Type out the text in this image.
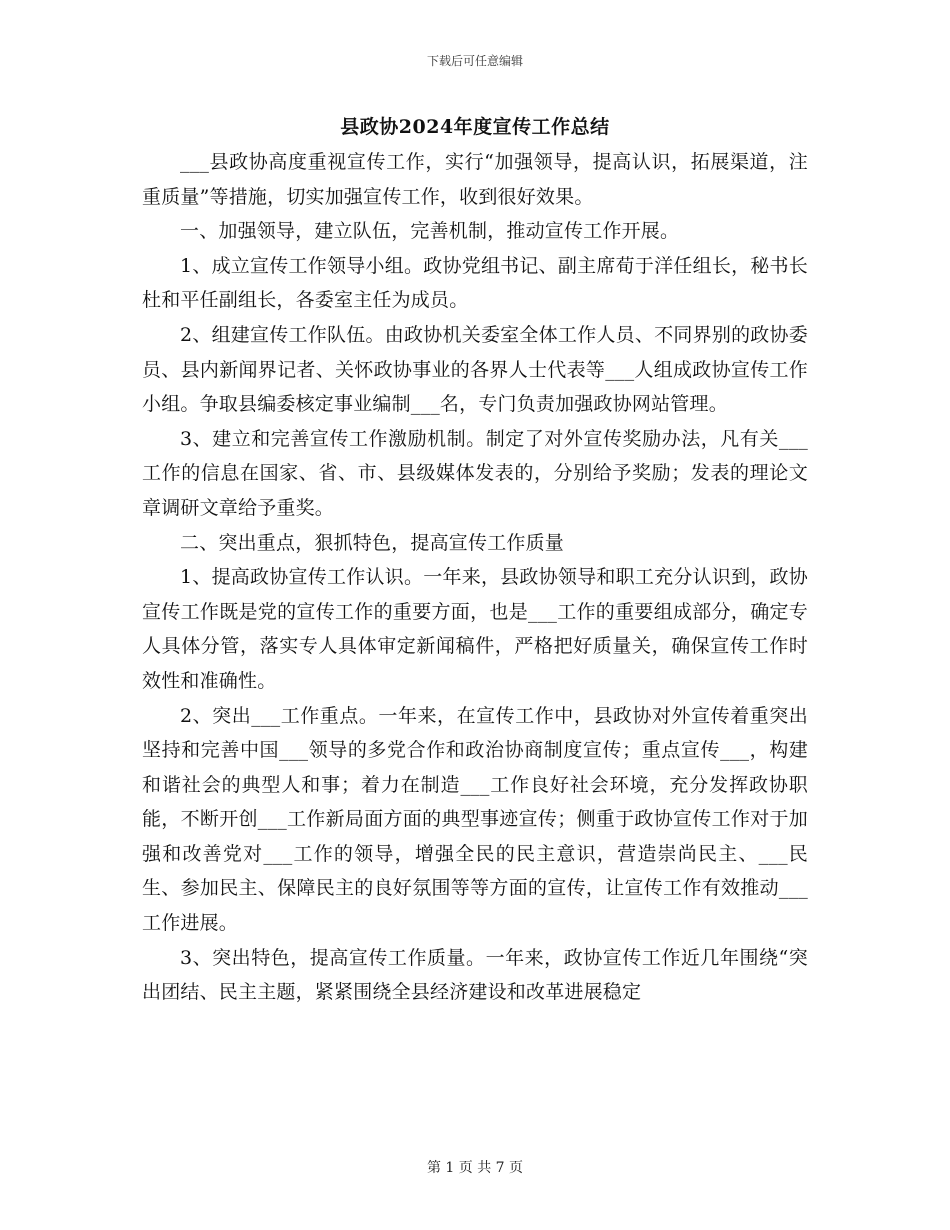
下载后可任意编辑
县政协2024年度宣传工作总结

___县政协高度重视宣传工作，实行“加强领导，提高认识，拓展渠道，注重质量”等措施，切实加强宣传工作，收到很好效果。

一、加强领导，建立队伍，完善机制，推动宣传工作开展。

1、成立宣传工作领导小组。政协党组书记、副主席荀于洋任组长，秘书长杜和平任副组长，各委室主任为成员。

2、组建宣传工作队伍。由政协机关委室全体工作人员、不同界别的政协委员、县内新闻界记者、关怀政协事业的各界人士代表等___人组成政协宣传工作小组。争取县编委核定事业编制___名，专门负责加强政协网站管理。

3、建立和完善宣传工作激励机制。制定了对外宣传奖励办法，凡有关___工作的信息在国家、省、市、县级媒体发表的，分别给予奖励；发表的理论文章调研文章给予重奖。

二、突出重点，狠抓特色，提高宣传工作质量

1、提高政协宣传工作认识。一年来，县政协领导和职工充分认识到，政协宣传工作既是党的宣传工作的重要方面，也是___工作的重要组成部分，确定专人具体分管，落实专人具体审定新闻稿件，严格把好质量关，确保宣传工作时效性和准确性。

2、突出___工作重点。一年来，在宣传工作中，县政协对外宣传着重突出坚持和完善中国___领导的多党合作和政治协商制度宣传；重点宣传___，构建和谐社会的典型人和事；着力在制造___工作良好社会环境，充分发挥政协职能，不断开创___工作新局面方面的典型事迹宣传；侧重于政协宣传工作对于加强和改善党对___工作的领导，增强全民的民主意识，营造崇尚民主、___民生、参加民主、保障民主的良好氛围等等方面的宣传，让宣传工作有效推动___工作进展。

3、突出特色，提高宣传工作质量。一年来，政协宣传工作近几年围绕“突出团结、民主主题，紧紧围绕全县经济建设和改革进展稳定

第 1 页 共 7 页
